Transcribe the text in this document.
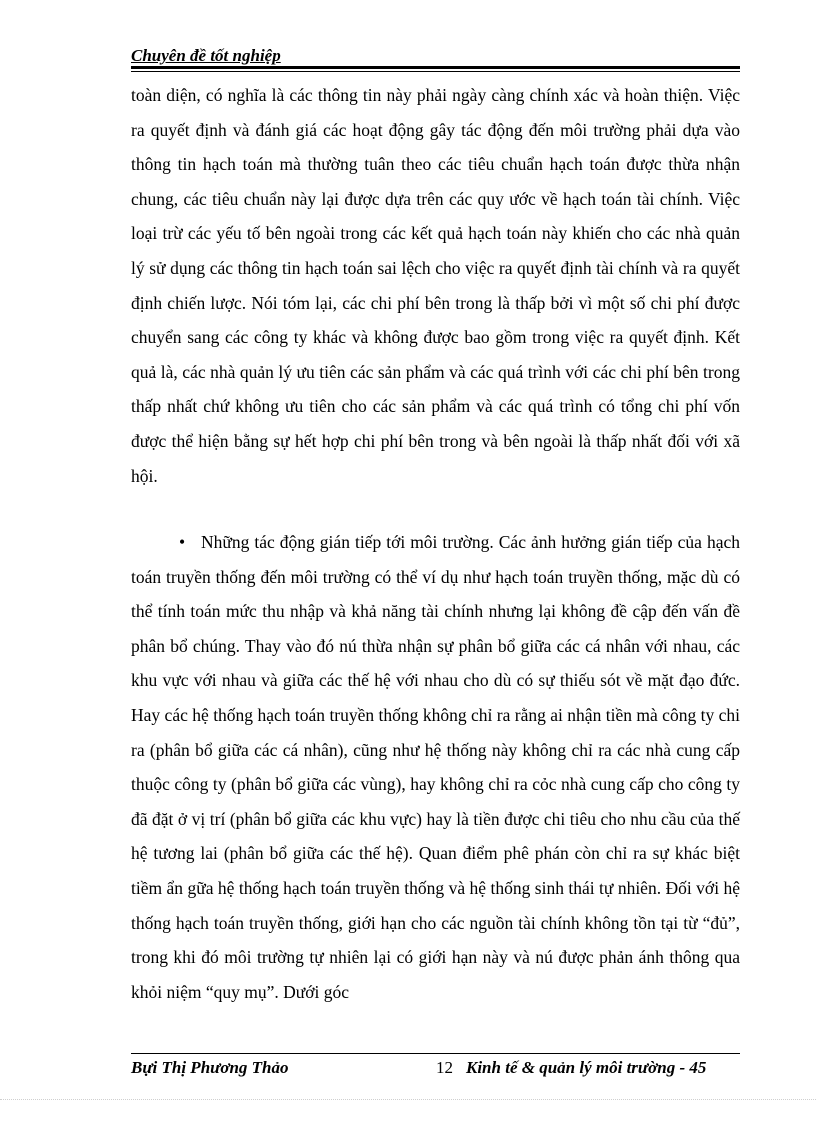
Chuyên đề tốt nghiệp

toàn diện, có nghĩa là các thông tin này phải ngày càng chính xác và hoàn thiện. Việc ra quyết định và đánh giá các hoạt động gây tác động đến môi trường phải dựa vào thông tin hạch toán mà thường tuân theo các tiêu chuẩn hạch toán được thừa nhận chung, các tiêu chuẩn này lại được dựa trên các quy ước về hạch toán tài chính. Việc loại trừ các yếu tố bên ngoài trong các kết quả hạch toán này khiến cho các nhà quản lý sử dụng các thông tin hạch toán sai lệch cho việc ra quyết định tài chính và ra quyết định chiến lược. Nói tóm lại, các chi phí bên trong là thấp bởi vì một số chi phí được chuyển sang các công ty khác và không được bao gồm trong việc ra quyết định. Kết quả là, các nhà quản lý ưu tiên các sản phẩm và các quá trình với các chi phí bên trong thấp nhất chứ không ưu tiên cho các sản phẩm và các quá trình có tổng chi phí vốn được thể hiện bằng sự hết hợp chi phí bên trong và bên ngoài là thấp nhất đối với xã hội.

• Những tác động gián tiếp tới môi trường. Các ảnh hưởng gián tiếp của hạch toán truyền thống đến môi trường có thể ví dụ như hạch toán truyền thống, mặc dù có thể tính toán mức thu nhập và khả năng tài chính nhưng lại không đề cập đến vấn đề phân bổ chúng. Thay vào đó nú thừa nhận sự phân bổ giữa các cá nhân với nhau, các khu vực với nhau và giữa các thế hệ với nhau cho dù có sự thiếu sót về mặt đạo đức. Hay các hệ thống hạch toán truyền thống không chỉ ra rằng ai nhận tiền mà công ty chi ra (phân bổ giữa các cá nhân), cũng như hệ thống này không chỉ ra các nhà cung cấp thuộc công ty (phân bổ giữa các vùng), hay không chỉ ra cỏc nhà cung cấp cho công ty đã đặt ở vị trí (phân bổ giữa các khu vực) hay là tiền được chi tiêu cho nhu cầu của thế hệ tương lai (phân bổ giữa các thế hệ). Quan điểm phê phán còn chỉ ra sự khác biệt tiềm ẩn gữa hệ thống hạch toán truyền thống và hệ thống sinh thái tự nhiên. Đối với hệ thống hạch toán truyền thống, giới hạn cho các nguồn tài chính không tồn tại từ “đủ”, trong khi đó môi trường tự nhiên lại có giới hạn này và nú được phản ánh thông qua khỏi niệm “quy mụ”. Dưới góc

Bựi Thị Phương Thảo	12 Kinh tế & quản lý môi trường - 45
